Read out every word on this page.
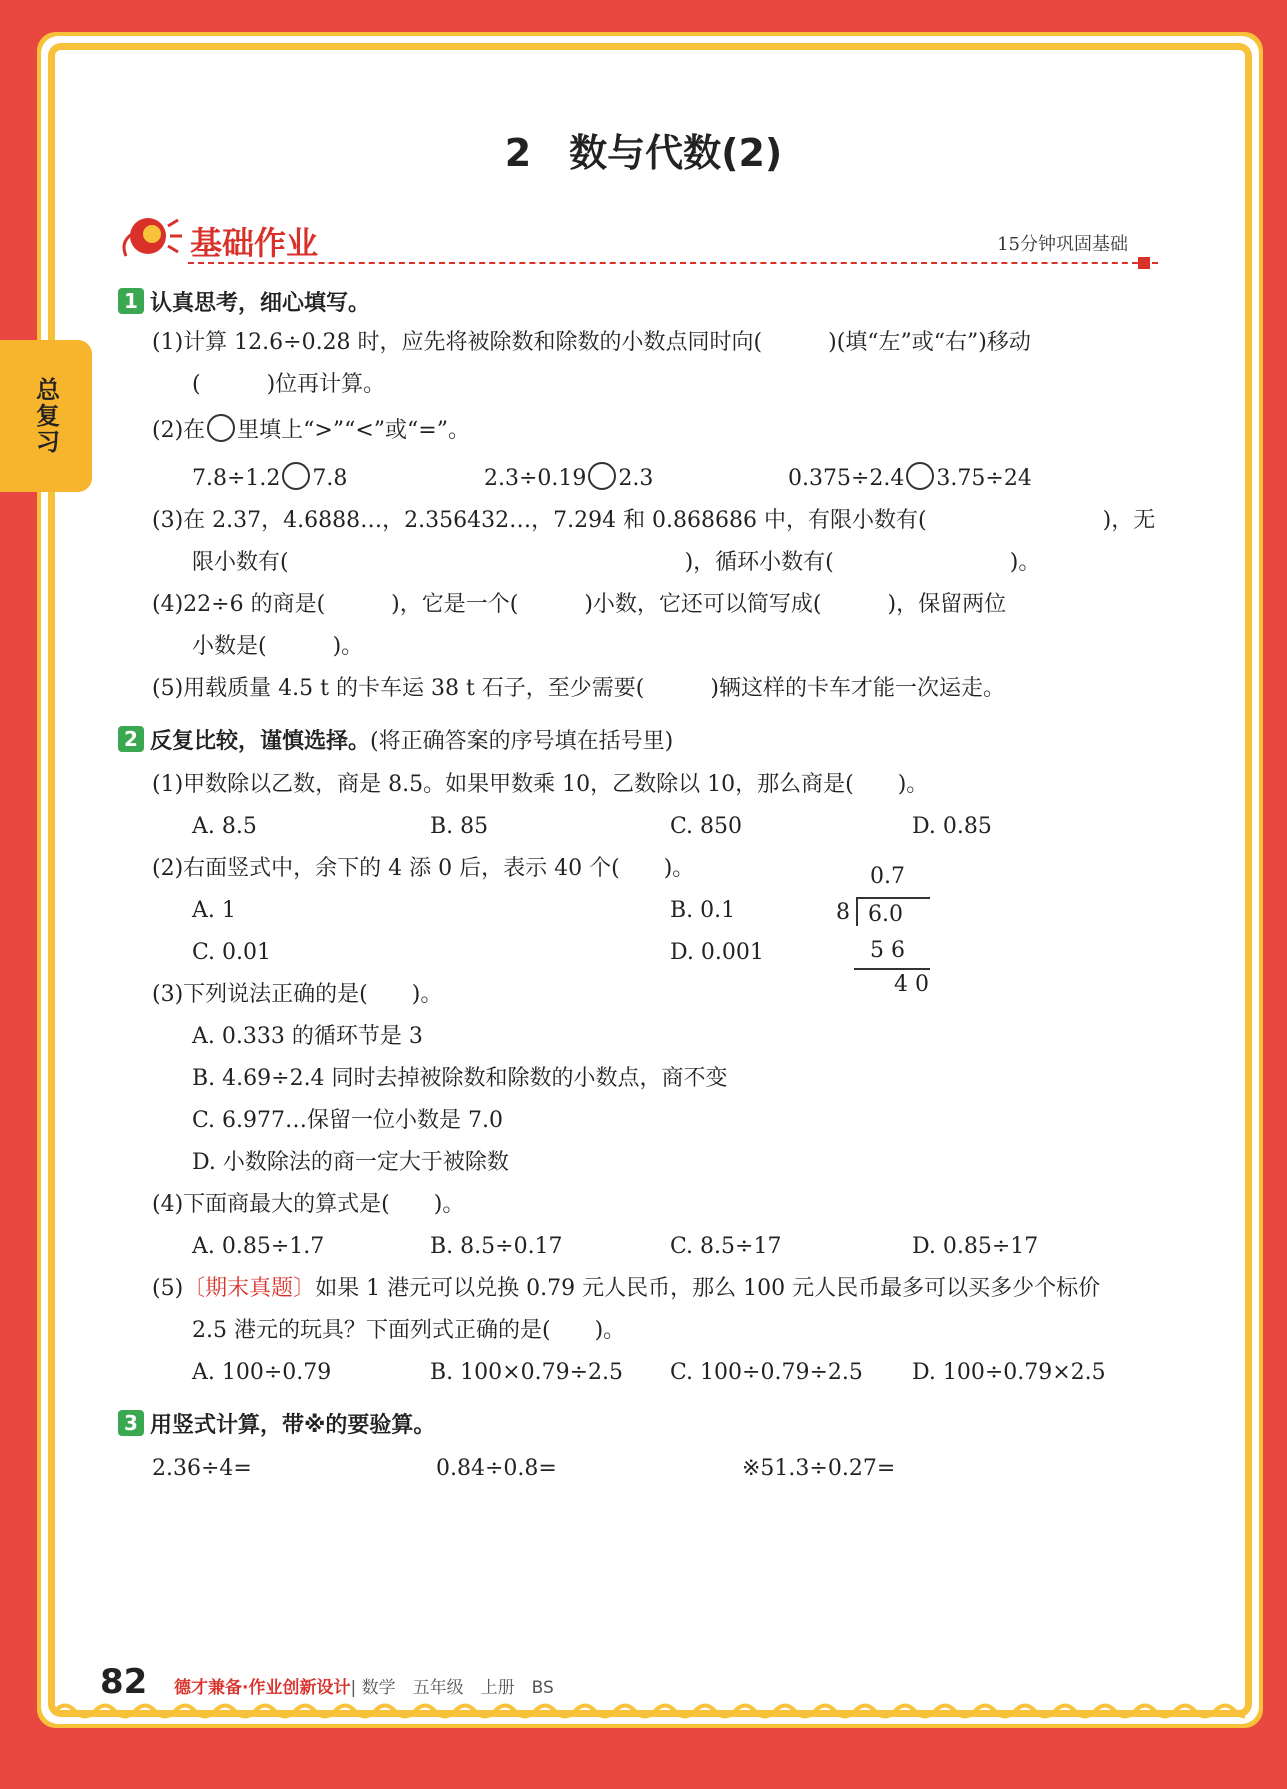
总复习
2　数与代数(2)
基础作业	15分钟巩固基础
1 认真思考，细心填写。
(1)计算 12.6÷0.28 时，应先将被除数和除数的小数点同时向(　　　)(填“左”或“右”)移动
(　　　)位再计算。
(2)在 里填上“>”“<”或“=”。
7.8÷1.2 7.8	2.3÷0.19 2.3	0.375÷2.4 3.75÷24
(3)在 2.37，4.6888…，2.356432…，7.294 和 0.868686 中，有限小数有(　　　　　　　　)，无
限小数有(　　　　　　　　　　　　　　　　　　)，循环小数有(　　　　　　　　)。
(4)22÷6 的商是(　　　)，它是一个(　　　)小数，它还可以简写成(　　　)，保留两位
小数是(　　　)。
(5)用载质量 4.5 t 的卡车运 38 t 石子，至少需要(　　　)辆这样的卡车才能一次运走。
2 反复比较，谨慎选择。(将正确答案的序号填在括号里)
(1)甲数除以乙数，商是 8.5。如果甲数乘 10，乙数除以 10，那么商是(　　)。
A. 8.5	B. 85	C. 850	D. 0.85
(2)右面竖式中，余下的 4 添 0 后，表示 40 个(　　)。
A. 1	B. 0.1
C. 0.01	D. 0.001
0.7
8 6.0
5 6
4 0
(3)下列说法正确的是(　　)。
A. 0.333 的循环节是 3
B. 4.69÷2.4 同时去掉被除数和除数的小数点，商不变
C. 6.977…保留一位小数是 7.0
D. 小数除法的商一定大于被除数
(4)下面商最大的算式是(　　)。
A. 0.85÷1.7	B. 8.5÷0.17	C. 8.5÷17	D. 0.85÷17
(5)〔期末真题〕如果 1 港元可以兑换 0.79 元人民币，那么 100 元人民币最多可以买多少个标价
2.5 港元的玩具？下面列式正确的是(　　)。
A. 100÷0.79	B. 100×0.79÷2.5 C. 100÷0.79÷2.5 D. 100÷0.79×2.5
3 用竖式计算，带※的要验算。
2.36÷4=	0.84÷0.8=	※51.3÷0.27=
82 德才兼备·作业创新设计| 数学　五年级　上册　BS
